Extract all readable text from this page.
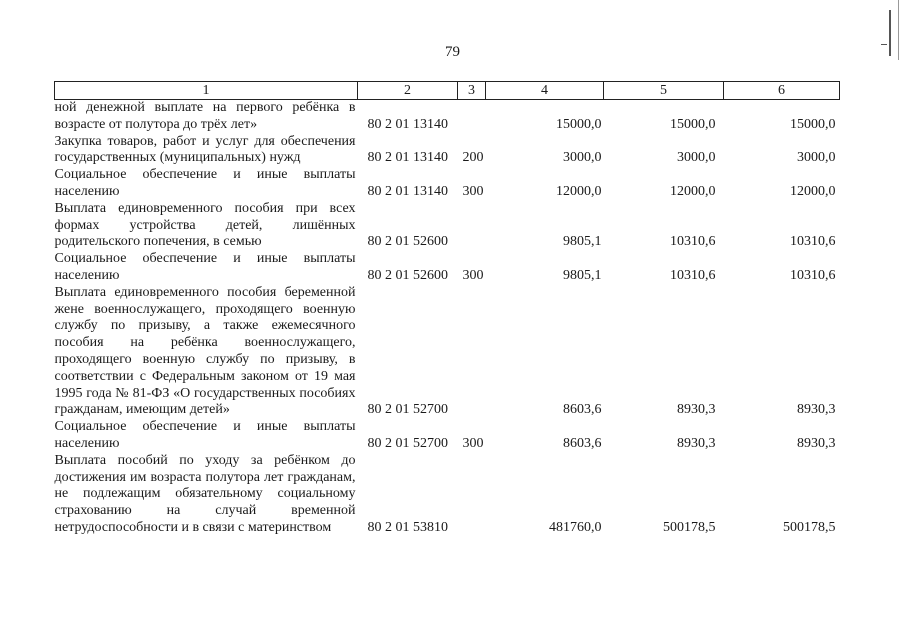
79
1	2	3	4	5	6
ной денежной выплате на первого ребёнка в возрасте от полутора до трёх лет»	80 2 01 13140		15000,0	15000,0	15000,0
Закупка товаров, работ и услуг для обеспечения государственных (муниципальных) нужд	80 2 01 13140	200	3000,0	3000,0	3000,0
Социальное обеспечение и иные выплаты населению	80 2 01 13140	300	12000,0	12000,0	12000,0
Выплата единовременного пособия при всех формах устройства детей, лишённых родительского попечения, в семью	80 2 01 52600		9805,1	10310,6	10310,6
Социальное обеспечение и иные выплаты населению	80 2 01 52600	300	9805,1	10310,6	10310,6
Выплата единовременного пособия беременной жене военнослужащего, проходящего военную службу по призыву, а также ежемесячного пособия на ребёнка военнослужащего, проходящего военную службу по призыву, в соответствии с Федеральным законом от 19 мая 1995 года № 81-ФЗ «О государственных пособиях гражданам, имеющим детей»	80 2 01 52700		8603,6	8930,3	8930,3
Социальное обеспечение и иные выплаты населению	80 2 01 52700	300	8603,6	8930,3	8930,3
Выплата пособий по уходу за ребёнком до достижения им возраста полутора лет гражданам, не подлежащим обязательному социальному страхованию на случай временной нетрудоспособности и в связи с материнством	80 2 01 53810		481760,0	500178,5	500178,5
